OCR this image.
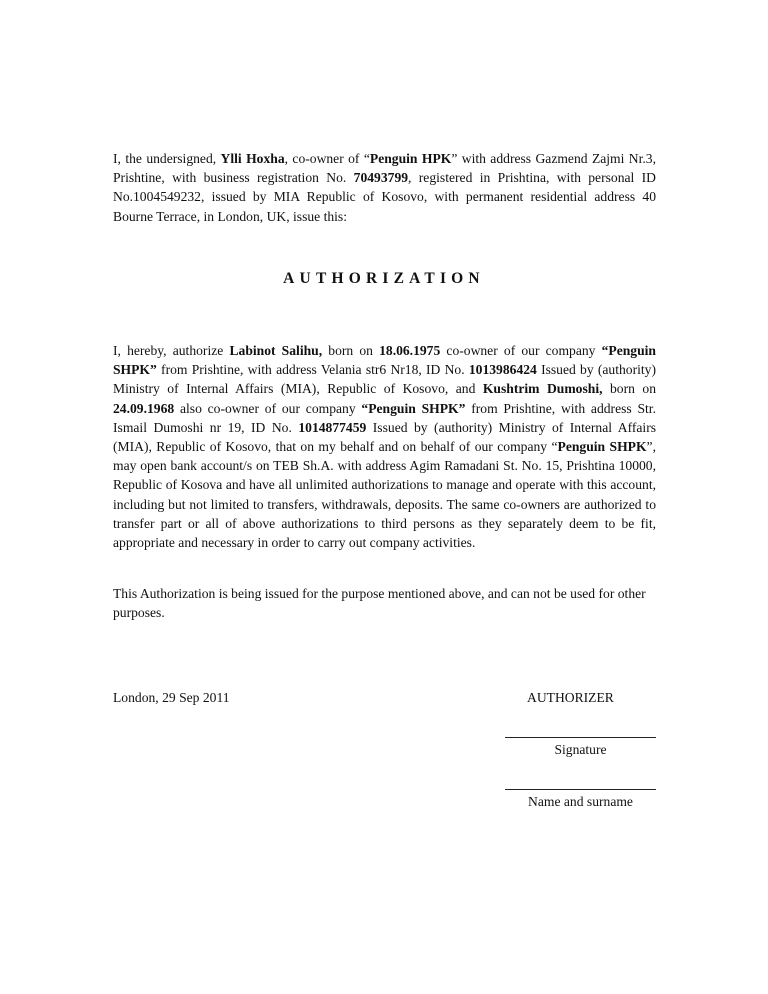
I, the undersigned, Ylli Hoxha, co-owner of “Penguin HPK” with address Gazmend Zajmi Nr.3, Prishtine, with business registration No. 70493799, registered in Prishtina, with personal ID No.1004549232, issued by MIA Republic of Kosovo, with permanent residential address 40 Bourne Terrace, in London, UK, issue this:

AUTHORIZATION

I, hereby, authorize Labinot Salihu, born on 18.06.1975 co-owner of our company “Penguin SHPK” from Prishtine, with address Velania str6 Nr18, ID No. 1013986424 Issued by (authority) Ministry of Internal Affairs (MIA), Republic of Kosovo, and Kushtrim Dumoshi, born on 24.09.1968 also co-owner of our company “Penguin SHPK” from Prishtine, with address Str. Ismail Dumoshi nr 19, ID No. 1014877459 Issued by (authority) Ministry of Internal Affairs (MIA), Republic of Kosovo, that on my behalf and on behalf of our company “Penguin SHPK”, may open bank account/s on TEB Sh.A. with address Agim Ramadani St. No. 15, Prishtina 10000, Republic of Kosova and have all unlimited authorizations to manage and operate with this account, including but not limited to transfers, withdrawals, deposits. The same co-owners are authorized to transfer part or all of above authorizations to third persons as they separately deem to be fit, appropriate and necessary in order to carry out company activities.

This Authorization is being issued for the purpose mentioned above, and can not be used for other purposes.

London, 29 Sep 2011	AUTHORIZER
Signature
Name and surname
